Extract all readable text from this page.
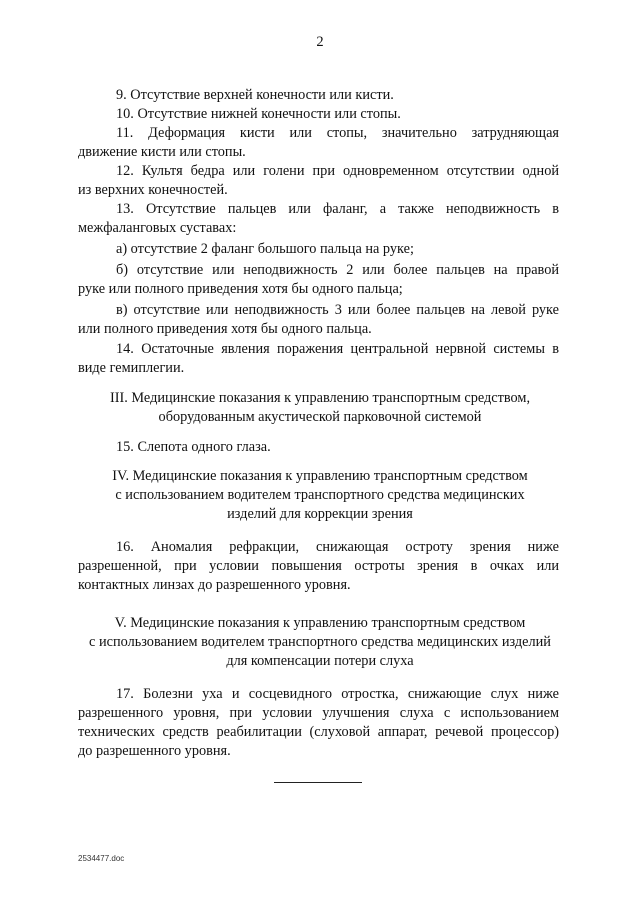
2
9. Отсутствие верхней конечности или кисти.
10. Отсутствие нижней конечности или стопы.
11. Деформация кисти или стопы, значительно затрудняющая
движение кисти или стопы.
12. Культя бедра или голени при одновременном отсутствии одной
из верхних конечностей.
13. Отсутствие пальцев или фаланг, а также неподвижность в
межфаланговых суставах:
а) отсутствие 2 фаланг большого пальца на руке;
б) отсутствие или неподвижность 2 или более пальцев на правой
руке или полного приведения хотя бы одного пальца;
в) отсутствие или неподвижность 3 или более пальцев на левой руке
или полного приведения хотя бы одного пальца.
14. Остаточные явления поражения центральной нервной системы в
виде гемиплегии.
III. Медицинские показания к управлению транспортным средством,
оборудованным акустической парковочной системой
15. Слепота одного глаза.
IV. Медицинские показания к управлению транспортным средством
с использованием водителем транспортного средства медицинских
изделий для коррекции зрения
16. Аномалия рефракции, снижающая остроту зрения ниже
разрешенной, при условии повышения остроты зрения в очках или
контактных линзах до разрешенного уровня.
V. Медицинские показания к управлению транспортным средством
с использованием водителем транспортного средства медицинских изделий
для компенсации потери слуха
17. Болезни уха и сосцевидного отростка, снижающие слух ниже
разрешенного уровня, при условии улучшения слуха с использованием
технических средств реабилитации (слуховой аппарат, речевой процессор)
до разрешенного уровня.
2534477.doc
